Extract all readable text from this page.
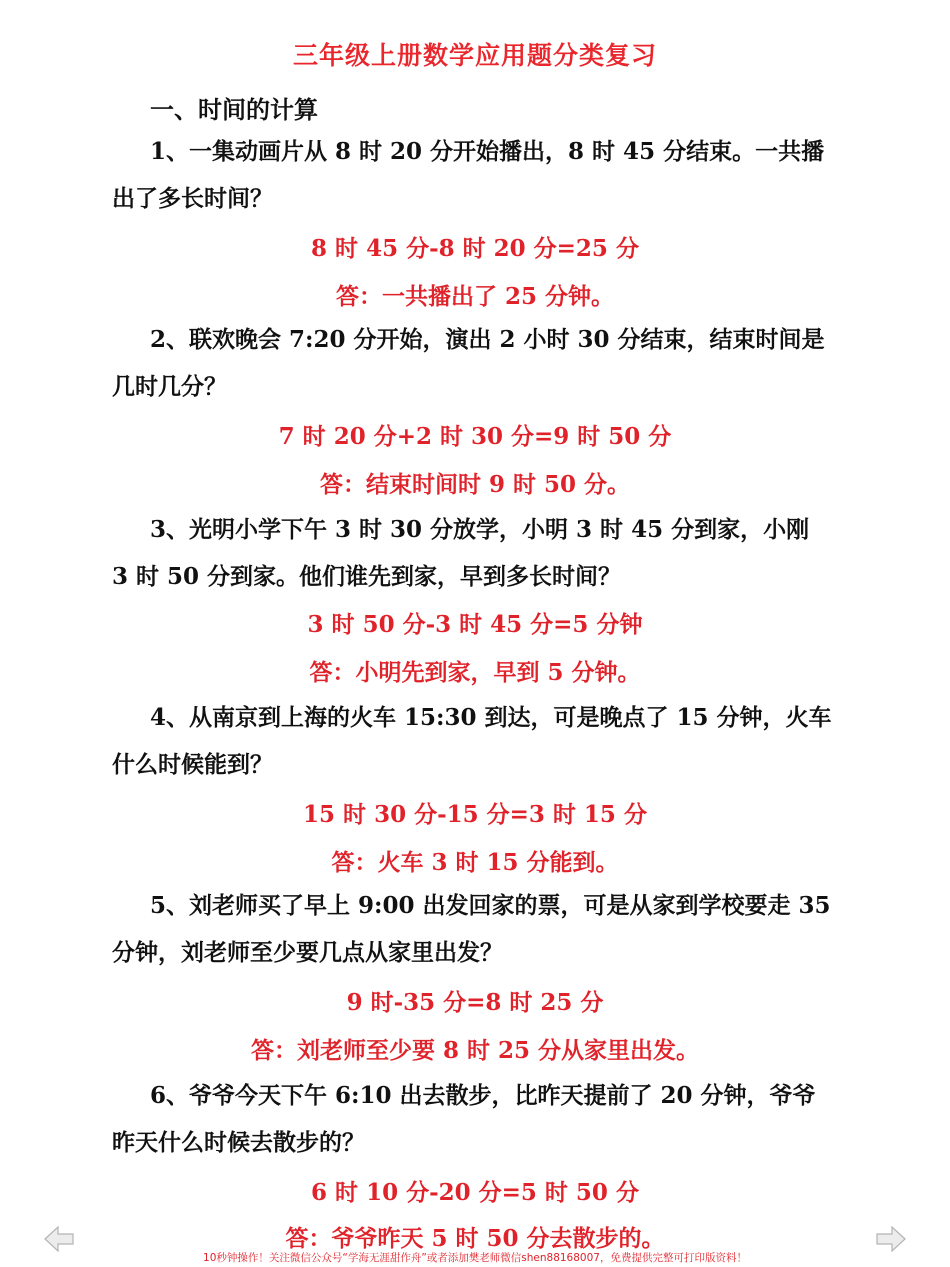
三年级上册数学应用题分类复习
一、时间的计算

1、一集动画片从 8 时 20 分开始播出，8 时 45 分结束。一共播出了多长时间？

8 时 45 分-8 时 20 分=25 分
答：一共播出了 25 分钟。

2、联欢晚会 7:20 分开始，演出 2 小时 30 分结束，结束时间是几时几分？

7 时 20 分+2 时 30 分=9 时 50 分
答：结束时间时 9 时 50 分。

3、光明小学下午 3 时 30 分放学，小明 3 时 45 分到家，小刚 3 时 50 分到家。他们谁先到家，早到多长时间？

3 时 50 分-3 时 45 分=5 分钟
答：小明先到家，早到 5 分钟。

4、从南京到上海的火车 15:30 到达，可是晚点了 15 分钟，火车什么时候能到？

15 时 30 分-15 分=3 时 15 分
答：火车 3 时 15 分能到。

5、刘老师买了早上 9:00 出发回家的票，可是从家到学校要走 35 分钟，刘老师至少要几点从家里出发？

9 时-35 分=8 时 25 分
答：刘老师至少要 8 时 25 分从家里出发。

6、爷爷今天下午 6:10 出去散步，比昨天提前了 20 分钟，爷爷昨天什么时候去散步的？

6 时 10 分-20 分=5 时 50 分
答：爷爷昨天 5 时 50 分去散步的。
10秒钟操作！关注微信公众号“学海无涯甜作舟”或者添加樊老师微信shen88168007，免费提供完整可打印版资料！
